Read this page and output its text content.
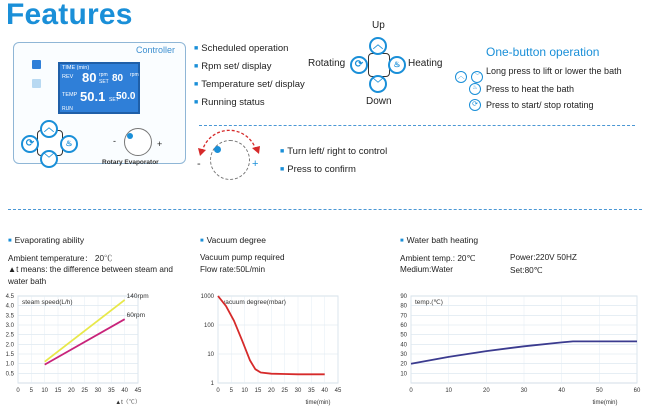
Features
Controller
TIME (min)
REV 80 rpm
SET 80 rpm
TEMP 50.1 SET
50.0
RUN
︿
﹀
⟳	♨	-	+
Rotary Evaporator
■ Scheduled operation
■ Rpm set/ display
■ Temperature set/ display
■ Running status
Up
Down
Rotating	Heating
︿
﹀
⟳	♨
One-button operation
︿ ﹀
Long press to lift or lower the bath
♨ Press to heat the bath
⟳ Press to start/ stop rotating
-	+
■ Turn left/ right to control
■ Press to confirm
■ Evaporating ability
Ambient temperature： 20℃
▲t means: the difference between steam and
water bath
■ Vacuum degree
Vacuum pump required
Flow rate:50L/min
■ Water bath heating
Ambient temp.: 20℃
Medium:Water
Power:220V 50HZ
Set:80℃
0.5
1.0
1.5
2.0
2.5
3.0
3.5
4.0
4.5
0 5 10 15 20 25 30 35 40 45
steam speed(L/h)
▲t（℃）
140rpm
60rpm
1
10
100
1000
0 5 10 15 20 25 30 35 40 45
vacuum degree(mbar)
time(min)
10
20
30
40
50
60
70
80
90
0	10	20	30	40	50	60
temp.(℃)
time(min)
